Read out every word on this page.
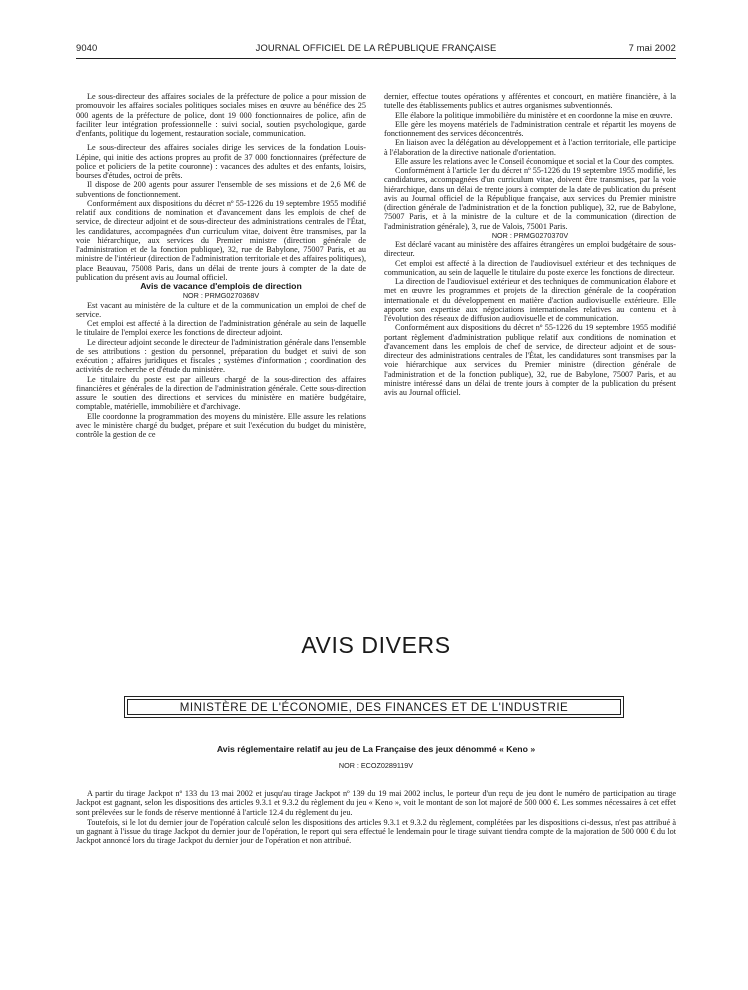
9040	JOURNAL OFFICIEL DE LA RÉPUBLIQUE FRANÇAISE	7 mai 2002

Le sous-directeur des affaires sociales de la préfecture de police a pour mission de promouvoir les affaires sociales politiques sociales mises en œuvre au bénéfice des 25 000 agents de la préfecture de police, dont 19 000 fonctionnaires de police, afin de faciliter leur intégration professionnelle : suivi social, soutien psychologique, garde d'enfants, politique du logement, restauration sociale, communication.

Le sous-directeur des affaires sociales dirige les services de la fondation Louis-Lépine, qui initie des actions propres au profit de 37 000 fonctionnaires (préfecture de police et policiers de la petite couronne) : vacances des adultes et des enfants, loisirs, bourses d'études, octroi de prêts.

Il dispose de 200 agents pour assurer l'ensemble de ses missions et de 2,6 M€ de subventions de fonctionnement.

Conformément aux dispositions du décret nº 55-1226 du 19 septembre 1955 modifié relatif aux conditions de nomination et d'avancement dans les emplois de chef de service, de directeur adjoint et de sous-directeur des administrations centrales de l'État, les candidatures, accompagnées d'un curriculum vitae, doivent être transmises, par la voie hiérarchique, aux services du Premier ministre (direction générale de l'administration et de la fonction publique), 32, rue de Babylone, 75007 Paris, et au ministre de l'intérieur (direction de l'administration territoriale et des affaires politiques), place Beauvau, 75008 Paris, dans un délai de trente jours à compter de la date de publication du présent avis au Journal officiel.

Avis de vacance d'emplois de direction

NOR : PRMG0270368V

Est vacant au ministère de la culture et de la communication un emploi de chef de service.

Cet emploi est affecté à la direction de l'administration générale au sein de laquelle le titulaire de l'emploi exerce les fonctions de directeur adjoint.

Le directeur adjoint seconde le directeur de l'administration générale dans l'ensemble de ses attributions : gestion du personnel, préparation du budget et suivi de son exécution ; affaires juridiques et fiscales ; systèmes d'information ; coordination des activités de recherche et d'étude du ministère.

Le titulaire du poste est par ailleurs chargé de la sous-direction des affaires financières et générales de la direction de l'administration générale. Cette sous-direction assure le soutien des directions et services du ministère en matière budgétaire, comptable, matérielle, immobilière et d'archivage.

Elle coordonne la programmation des moyens du ministère. Elle assure les relations avec le ministère chargé du budget, prépare et suit l'exécution du budget du ministère, contrôle la gestion de ce

dernier, effectue toutes opérations y afférentes et concourt, en matière financière, à la tutelle des établissements publics et autres organismes subventionnés.

Elle élabore la politique immobilière du ministère et en coordonne la mise en œuvre.

Elle gère les moyens matériels de l'administration centrale et répartit les moyens de fonctionnement des services déconcentrés.

En liaison avec la délégation au développement et à l'action territoriale, elle participe à l'élaboration de la directive nationale d'orientation.

Elle assure les relations avec le Conseil économique et social et la Cour des comptes.

Conformément à l'article 1er du décret nº 55-1226 du 19 septembre 1955 modifié, les candidatures, accompagnées d'un curriculum vitae, doivent être transmises, par la voie hiérarchique, dans un délai de trente jours à compter de la date de publication du présent avis au Journal officiel de la République française, aux services du Premier ministre (direction générale de l'administration et de la fonction publique), 32, rue de Babylone, 75007 Paris, et à la ministre de la culture et de la communication (direction de l'administration générale), 3, rue de Valois, 75001 Paris.

NOR : PRMG0270370V

Est déclaré vacant au ministère des affaires étrangères un emploi budgétaire de sous-directeur.

Cet emploi est affecté à la direction de l'audiovisuel extérieur et des techniques de communication, au sein de laquelle le titulaire du poste exerce les fonctions de directeur.

La direction de l'audiovisuel extérieur et des techniques de communication élabore et met en œuvre les programmes et projets de la direction générale de la coopération internationale et du développement en matière d'action audiovisuelle extérieure. Elle apporte son expertise aux négociations internationales relatives au contenu et à l'évolution des réseaux de diffusion audiovisuelle et de communication.

Conformément aux dispositions du décret nº 55-1226 du 19 septembre 1955 modifié portant règlement d'administration publique relatif aux conditions de nomination et d'avancement dans les emplois de chef de service, de directeur adjoint et de sous-directeur des administrations centrales de l'État, les candidatures sont transmises par la voie hiérarchique aux services du Premier ministre (direction générale de l'administration et de la fonction publique), 32, rue de Babylone, 75007 Paris, et au ministre intéressé dans un délai de trente jours à compter de la publication du présent avis au Journal officiel.

AVIS DIVERS
MINISTÈRE DE L'ÉCONOMIE, DES FINANCES ET DE L'INDUSTRIE
Avis réglementaire relatif au jeu de La Française des jeux dénommé « Keno »
NOR : ECOZ0289119V

A partir du tirage Jackpot nº 133 du 13 mai 2002 et jusqu'au tirage Jackpot nº 139 du 19 mai 2002 inclus, le porteur d'un reçu de jeu dont le numéro de participation au tirage Jackpot est gagnant, selon les dispositions des articles 9.3.1 et 9.3.2 du règlement du jeu « Keno », voit le montant de son lot majoré de 500 000 €. Les sommes nécessaires à cet effet sont prélevées sur le fonds de réserve mentionné à l'article 12.4 du règlement du jeu.

Toutefois, si le lot du dernier jour de l'opération calculé selon les dispositions des articles 9.3.1 et 9.3.2 du règlement, complétées par les dispositions ci-dessus, n'est pas attribué à un gagnant à l'issue du tirage Jackpot du dernier jour de l'opération, le report qui sera effectué le lendemain pour le tirage suivant tiendra compte de la majoration de 500 000 € du lot Jackpot annoncé lors du tirage Jackpot du dernier jour de l'opération et non attribué.
